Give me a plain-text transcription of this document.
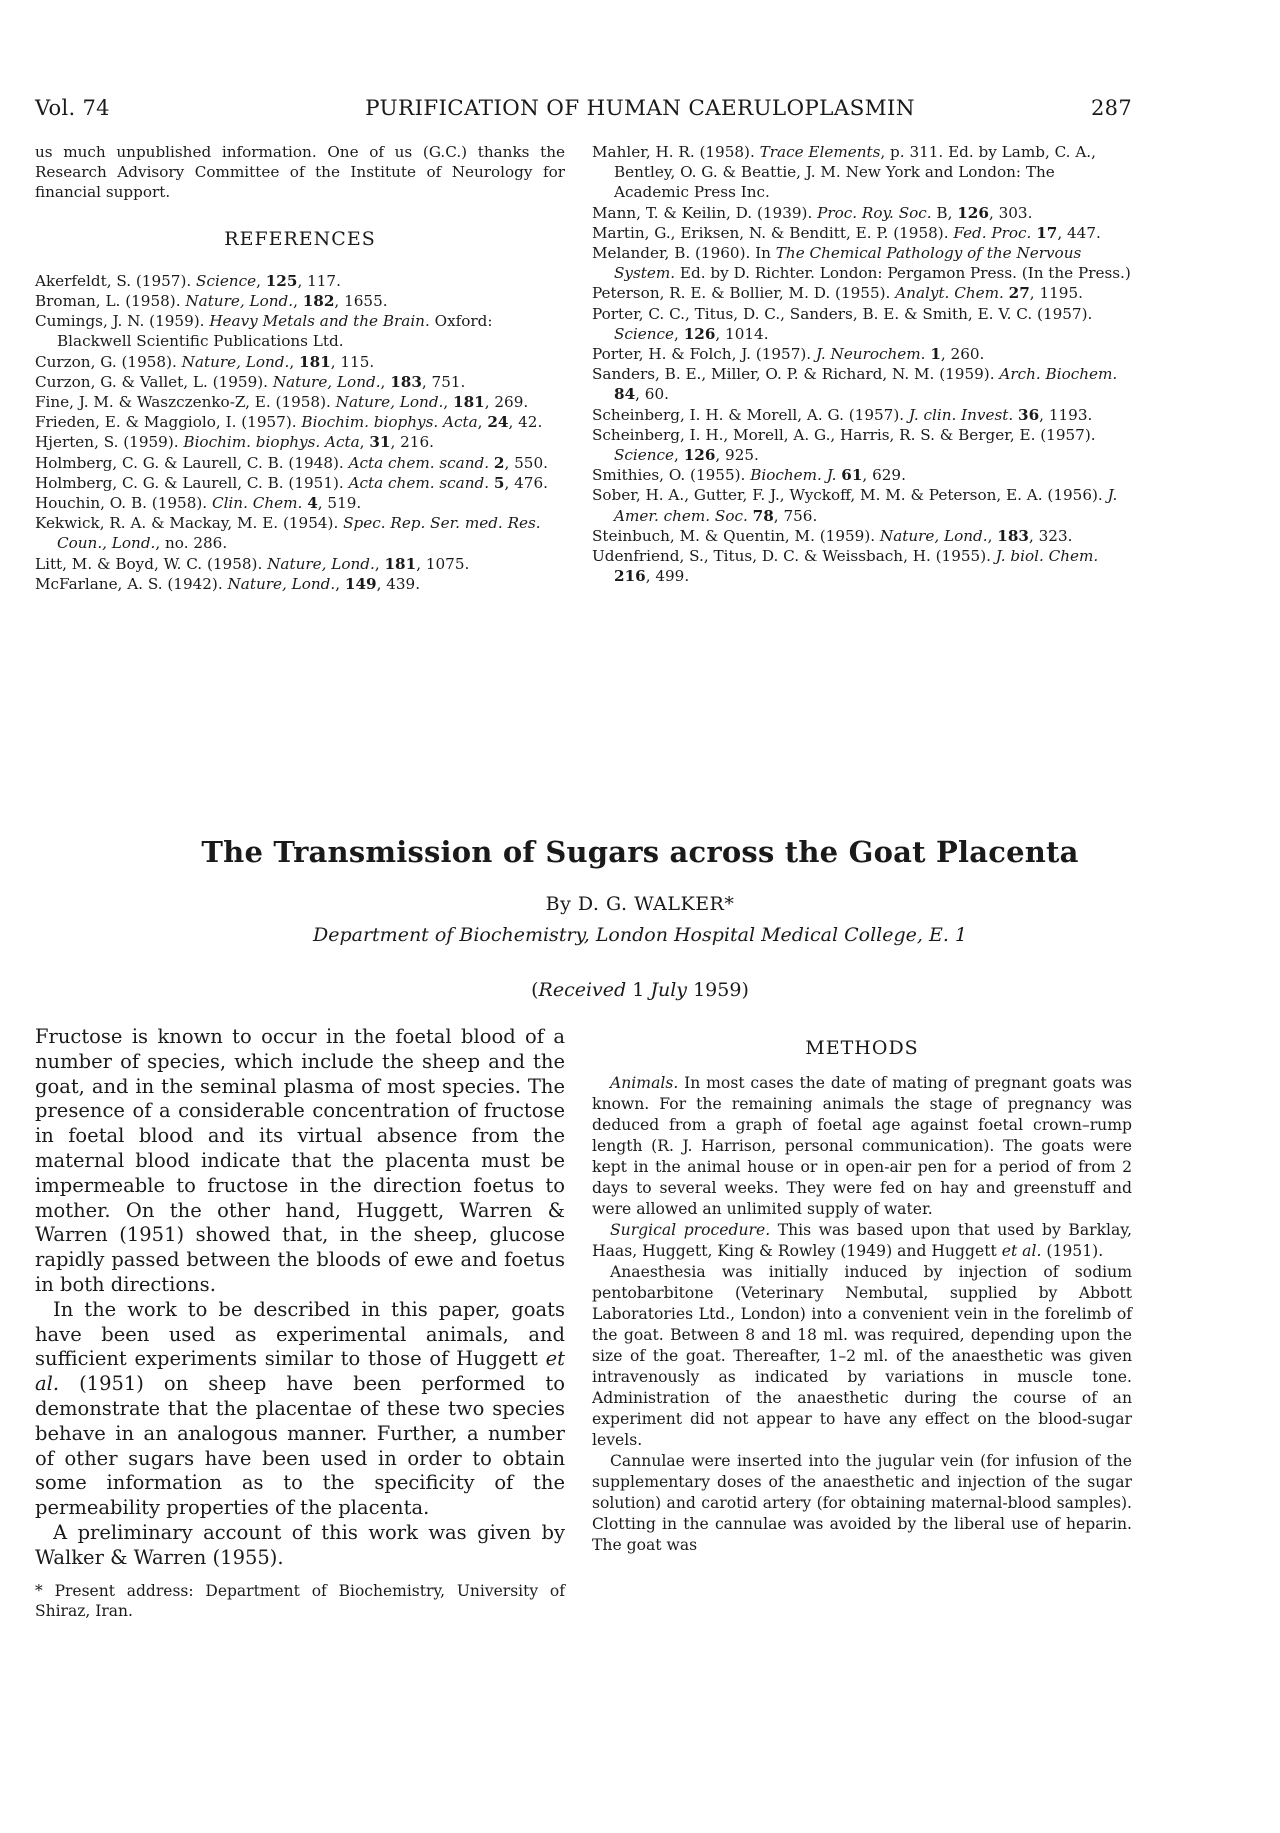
Vol. 74	PURIFICATION OF HUMAN CAERULOPLASMIN	287

us much unpublished information. One of us (G.C.) thanks the Research Advisory Committee of the Institute of Neurology for financial support.

REFERENCES

Akerfeldt, S. (1957). Science, 125, 117.

Broman, L. (1958). Nature, Lond., 182, 1655.

Cumings, J. N. (1959). Heavy Metals and the Brain. Oxford: Blackwell Scientific Publications Ltd.

Curzon, G. (1958). Nature, Lond., 181, 115.

Curzon, G. & Vallet, L. (1959). Nature, Lond., 183, 751.

Fine, J. M. & Waszczenko-Z, E. (1958). Nature, Lond., 181, 269.

Frieden, E. & Maggiolo, I. (1957). Biochim. biophys. Acta, 24, 42.

Hjerten, S. (1959). Biochim. biophys. Acta, 31, 216.

Holmberg, C. G. & Laurell, C. B. (1948). Acta chem. scand. 2, 550.

Holmberg, C. G. & Laurell, C. B. (1951). Acta chem. scand. 5, 476.

Houchin, O. B. (1958). Clin. Chem. 4, 519.

Kekwick, R. A. & Mackay, M. E. (1954). Spec. Rep. Ser. med. Res. Coun., Lond., no. 286.

Litt, M. & Boyd, W. C. (1958). Nature, Lond., 181, 1075.

McFarlane, A. S. (1942). Nature, Lond., 149, 439.

Mahler, H. R. (1958). Trace Elements, p. 311. Ed. by Lamb, C. A., Bentley, O. G. & Beattie, J. M. New York and London: The Academic Press Inc.

Mann, T. & Keilin, D. (1939). Proc. Roy. Soc. B, 126, 303.

Martin, G., Eriksen, N. & Benditt, E. P. (1958). Fed. Proc. 17, 447.

Melander, B. (1960). In The Chemical Pathology of the Nervous System. Ed. by D. Richter. London: Pergamon Press. (In the Press.)

Peterson, R. E. & Bollier, M. D. (1955). Analyt. Chem. 27, 1195.

Porter, C. C., Titus, D. C., Sanders, B. E. & Smith, E. V. C. (1957). Science, 126, 1014.

Porter, H. & Folch, J. (1957). J. Neurochem. 1, 260.

Sanders, B. E., Miller, O. P. & Richard, N. M. (1959). Arch. Biochem. 84, 60.

Scheinberg, I. H. & Morell, A. G. (1957). J. clin. Invest. 36, 1193.

Scheinberg, I. H., Morell, A. G., Harris, R. S. & Berger, E. (1957). Science, 126, 925.

Smithies, O. (1955). Biochem. J. 61, 629.

Sober, H. A., Gutter, F. J., Wyckoff, M. M. & Peterson, E. A. (1956). J. Amer. chem. Soc. 78, 756.

Steinbuch, M. & Quentin, M. (1959). Nature, Lond., 183, 323.

Udenfriend, S., Titus, D. C. & Weissbach, H. (1955). J. biol. Chem. 216, 499.

The Transmission of Sugars across the Goat Placenta
By D. G. WALKER*
Department of Biochemistry, London Hospital Medical College, E. 1
(Received 1 July 1959)

Fructose is known to occur in the foetal blood of a number of species, which include the sheep and the goat, and in the seminal plasma of most species. The presence of a considerable concentration of fructose in foetal blood and its virtual absence from the maternal blood indicate that the placenta must be impermeable to fructose in the direction foetus to mother. On the other hand, Huggett, Warren & Warren (1951) showed that, in the sheep, glucose rapidly passed between the bloods of ewe and foetus in both directions.

In the work to be described in this paper, goats have been used as experimental animals, and sufficient experiments similar to those of Huggett et al. (1951) on sheep have been performed to demonstrate that the placentae of these two species behave in an analogous manner. Further, a number of other sugars have been used in order to obtain some information as to the specificity of the permeability properties of the placenta.

A preliminary account of this work was given by Walker & Warren (1955).

* Present address: Department of Biochemistry, University of Shiraz, Iran.
METHODS

Animals. In most cases the date of mating of pregnant goats was known. For the remaining animals the stage of pregnancy was deduced from a graph of foetal age against foetal crown–rump length (R. J. Harrison, personal communication). The goats were kept in the animal house or in open-air pen for a period of from 2 days to several weeks. They were fed on hay and greenstuff and were allowed an unlimited supply of water.

Surgical procedure. This was based upon that used by Barklay, Haas, Huggett, King & Rowley (1949) and Huggett et al. (1951).

Anaesthesia was initially induced by injection of sodium pentobarbitone (Veterinary Nembutal, supplied by Abbott Laboratories Ltd., London) into a convenient vein in the forelimb of the goat. Between 8 and 18 ml. was required, depending upon the size of the goat. Thereafter, 1–2 ml. of the anaesthetic was given intravenously as indicated by variations in muscle tone. Administration of the anaesthetic during the course of an experiment did not appear to have any effect on the blood-sugar levels.

Cannulae were inserted into the jugular vein (for infusion of the supplementary doses of the anaesthetic and injection of the sugar solution) and carotid artery (for obtaining maternal-blood samples). Clotting in the cannulae was avoided by the liberal use of heparin. The goat was
